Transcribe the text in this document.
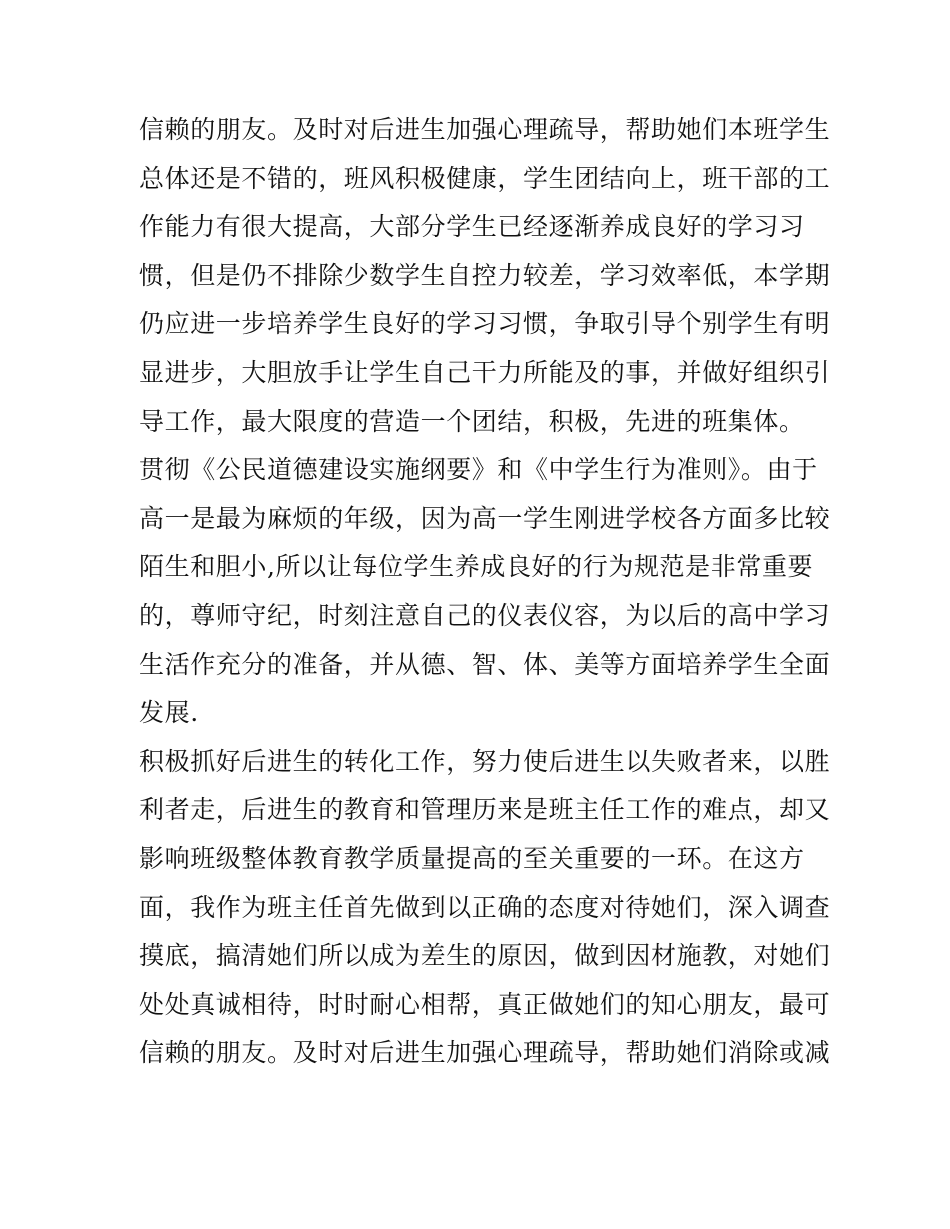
信赖的朋友。及时对后进生加强心理疏导，帮助她们本班学生
总体还是不错的，班风积极健康，学生团结向上，班干部的工
作能力有很大提高，大部分学生已经逐渐养成良好的学习习
惯，但是仍不排除少数学生自控力较差，学习效率低，本学期
仍应进一步培养学生良好的学习习惯，争取引导个别学生有明
显进步，大胆放手让学生自己干力所能及的事，并做好组织引
导工作，最大限度的营造一个团结，积极，先进的班集体。
贯彻《公民道德建设实施纲要》和《中学生行为准则》。由于
高一是最为麻烦的年级，因为高一学生刚进学校各方面多比较
陌生和胆小,所以让每位学生养成良好的行为规范是非常重要
的，尊师守纪，时刻注意自己的仪表仪容，为以后的高中学习
生活作充分的准备，并从德、智、体、美等方面培养学生全面
发展.
积极抓好后进生的转化工作，努力使后进生以失败者来，以胜
利者走，后进生的教育和管理历来是班主任工作的难点，却又
影响班级整体教育教学质量提高的至关重要的一环。在这方
面，我作为班主任首先做到以正确的态度对待她们，深入调查
摸底，搞清她们所以成为差生的原因，做到因材施教，对她们
处处真诚相待，时时耐心相帮，真正做她们的知心朋友，最可
信赖的朋友。及时对后进生加强心理疏导，帮助她们消除或减
